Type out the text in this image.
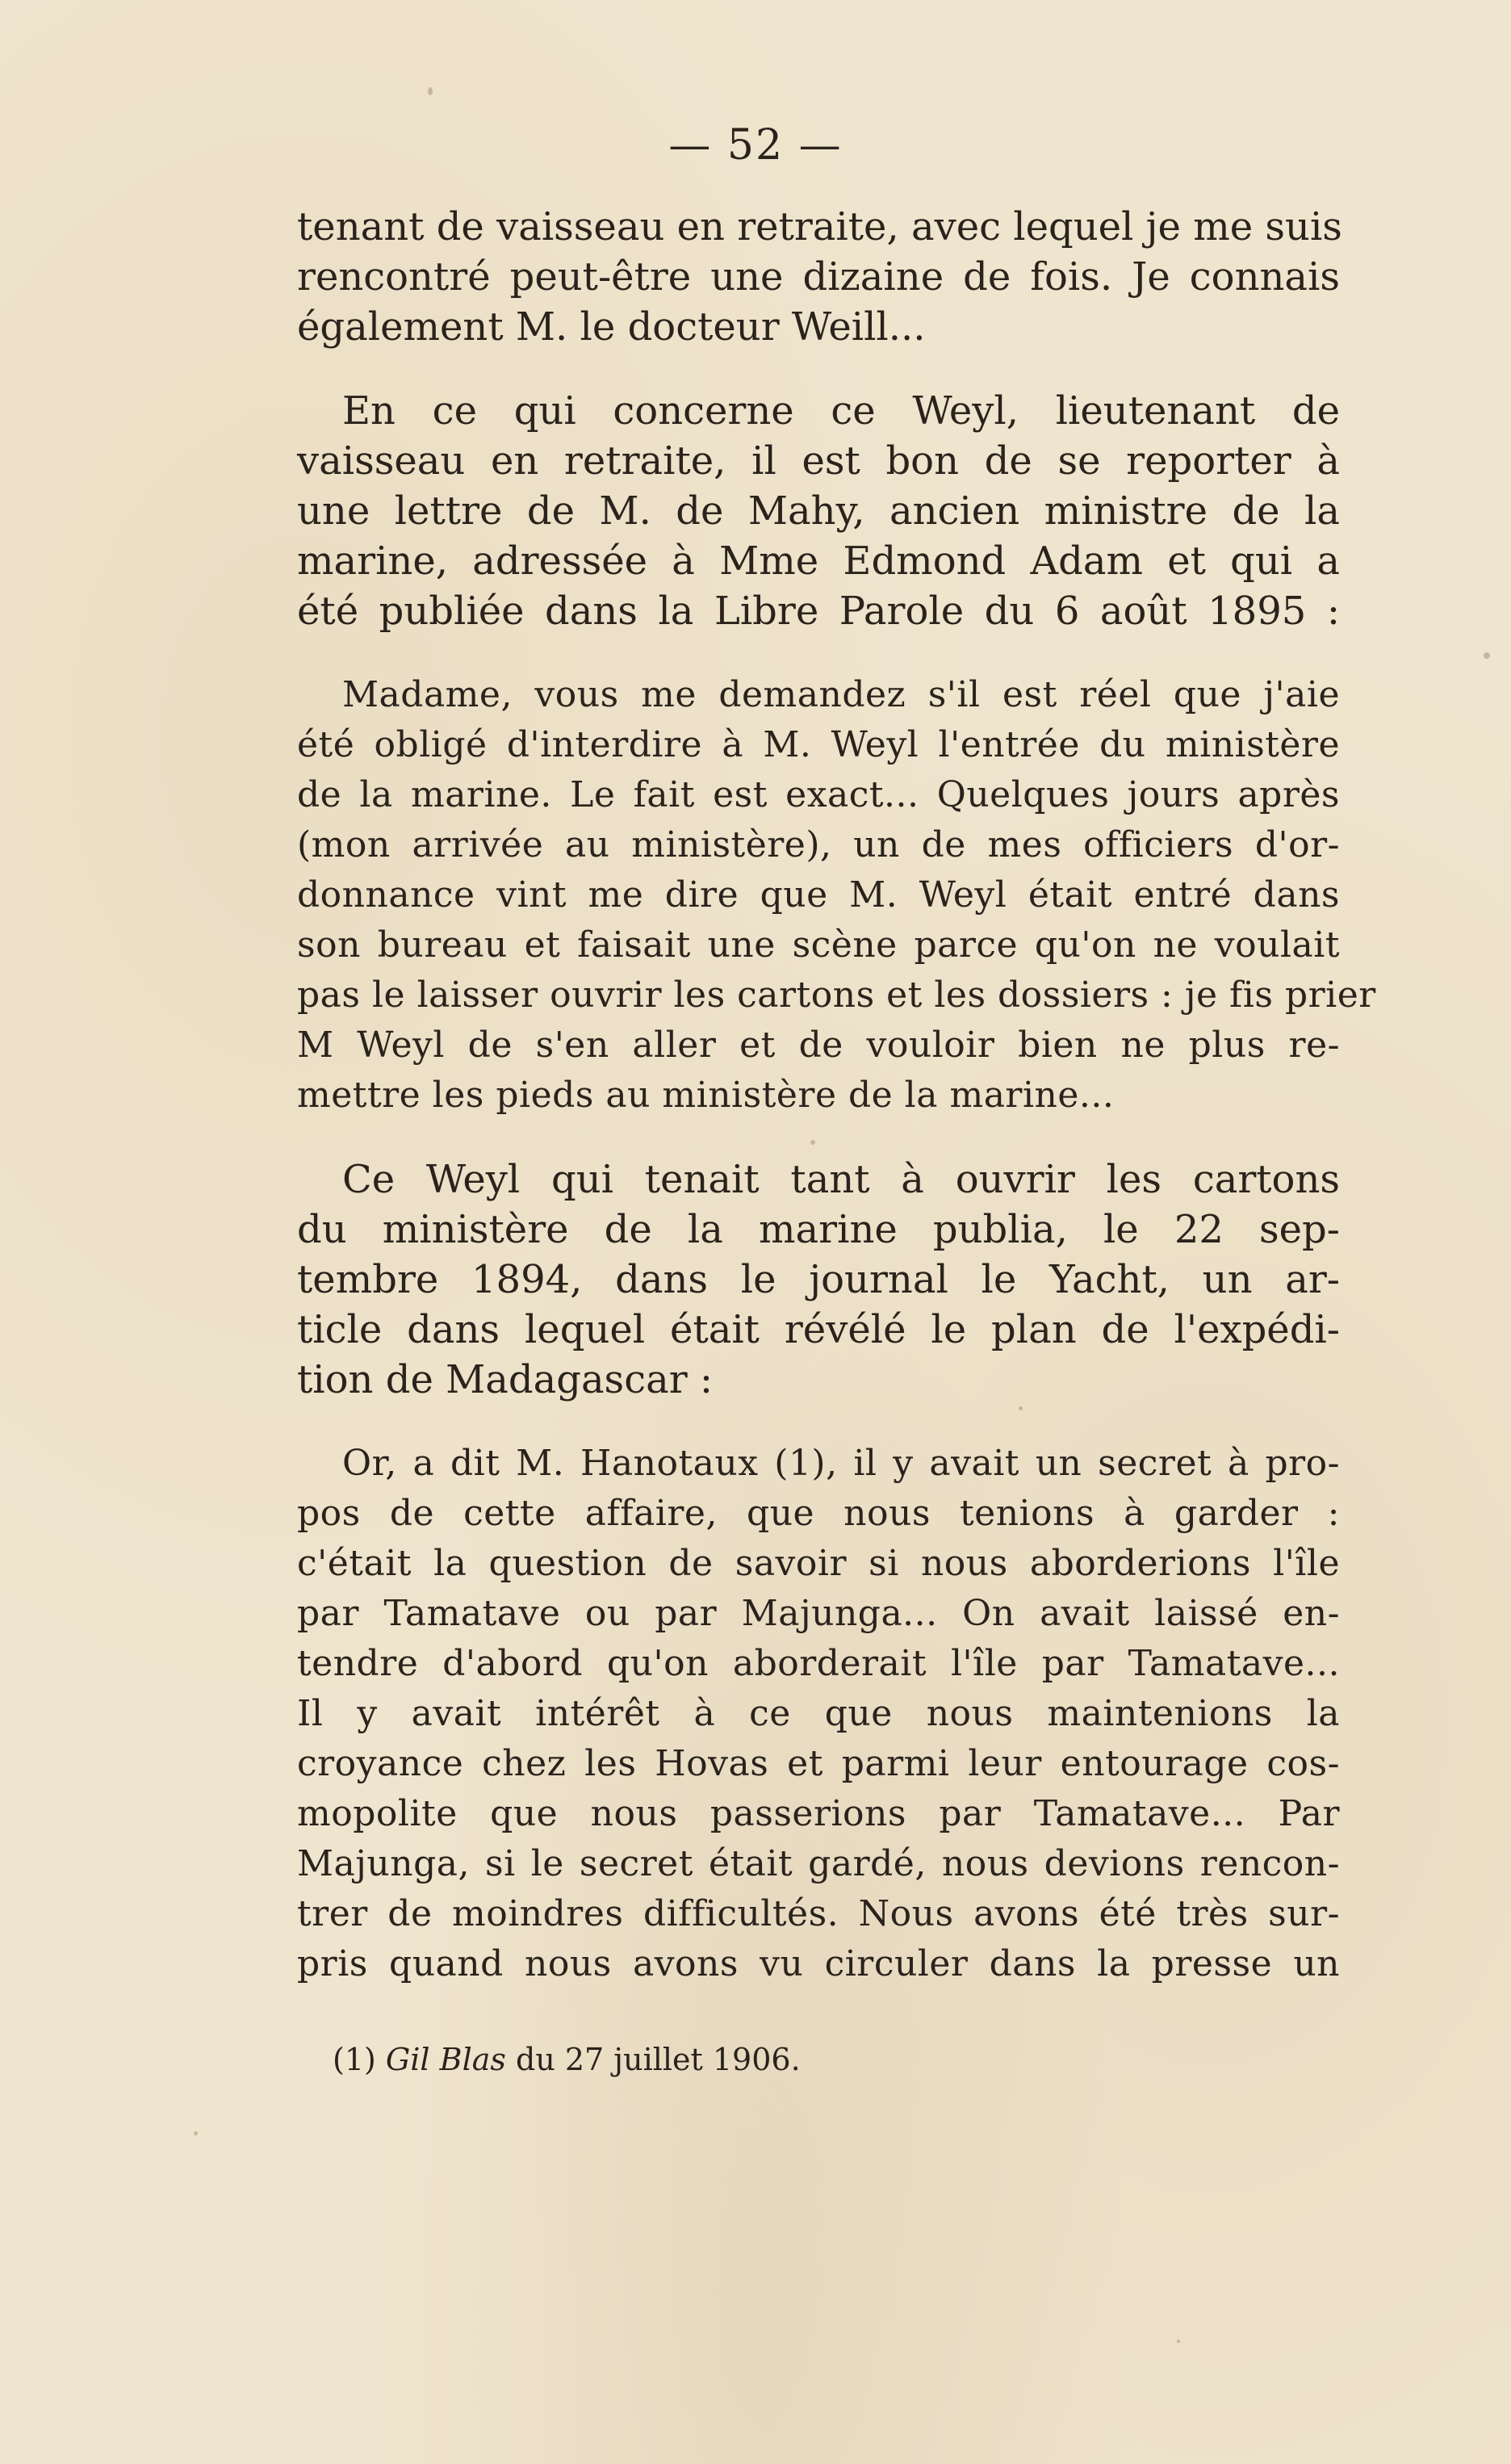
— 52 —
tenant de vaisseau en retraite, avec lequel je me suis
rencontré peut-être une dizaine de fois. Je connais
également M. le docteur Weill...
En ce qui concerne ce Weyl, lieutenant de
vaisseau en retraite, il est bon de se reporter à
une lettre de M. de Mahy, ancien ministre de la
marine, adressée à Mme Edmond Adam et qui a
été publiée dans la Libre Parole du 6 août 1895 :
Madame, vous me demandez s'il est réel que j'aie
été obligé d'interdire à M. Weyl l'entrée du ministère
de la marine. Le fait est exact... Quelques jours après
(mon arrivée au ministère), un de mes officiers d'or-
donnance vint me dire que M. Weyl était entré dans
son bureau et faisait une scène parce qu'on ne voulait
pas le laisser ouvrir les cartons et les dossiers : je fis prier
M Weyl de s'en aller et de vouloir bien ne plus re-
mettre les pieds au ministère de la marine...
Ce Weyl qui tenait tant à ouvrir les cartons
du ministère de la marine publia, le 22 sep-
tembre 1894, dans le journal le Yacht, un ar-
ticle dans lequel était révélé le plan de l'expédi-
tion de Madagascar :
Or, a dit M. Hanotaux (1), il y avait un secret à pro-
pos de cette affaire, que nous tenions à garder :
c'était la question de savoir si nous aborderions l'île
par Tamatave ou par Majunga... On avait laissé en-
tendre d'abord qu'on aborderait l'île par Tamatave...
Il y avait intérêt à ce que nous maintenions la
croyance chez les Hovas et parmi leur entourage cos-
mopolite que nous passerions par Tamatave... Par
Majunga, si le secret était gardé, nous devions rencon-
trer de moindres difficultés. Nous avons été très sur-
pris quand nous avons vu circuler dans la presse un
(1) Gil Blas du 27 juillet 1906.
